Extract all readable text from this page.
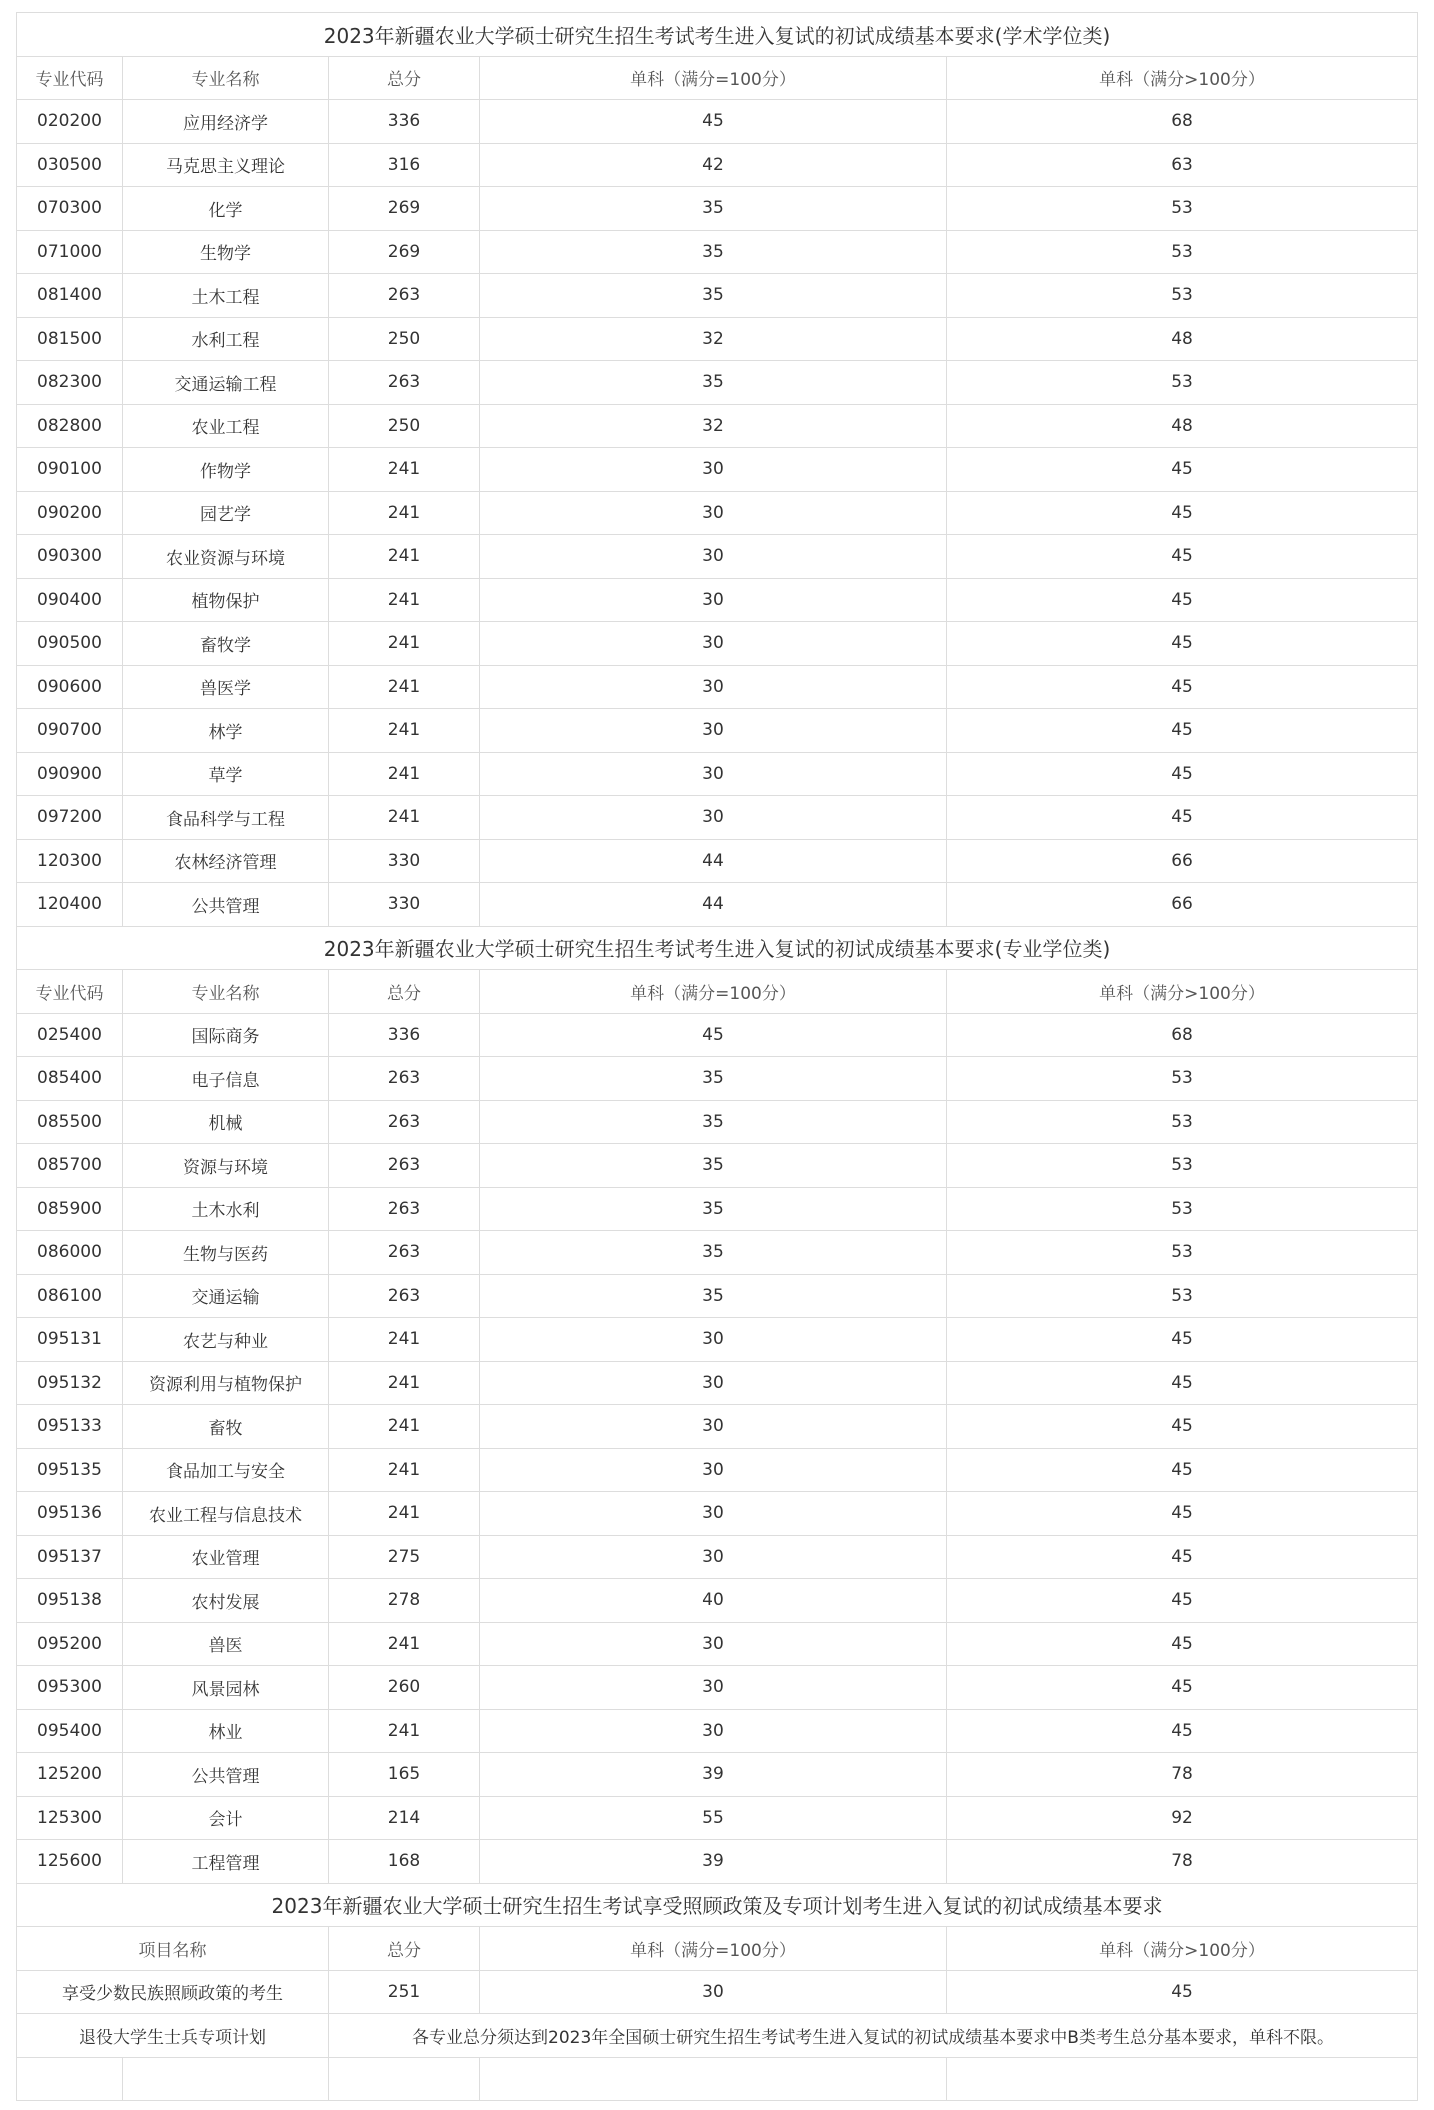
2023年新疆农业大学硕士研究生招生考试考生进入复试的初试成绩基本要求(学术学位类)				
专业代码	专业名称	总分	单科（满分=100分）	单科（满分>100分）
020200	应用经济学	336	45	68
030500	马克思主义理论	316	42	63
070300	化学	269	35	53
071000	生物学	269	35	53
081400	土木工程	263	35	53
081500	水利工程	250	32	48
082300	交通运输工程	263	35	53
082800	农业工程	250	32	48
090100	作物学	241	30	45
090200	园艺学	241	30	45
090300	农业资源与环境	241	30	45
090400	植物保护	241	30	45
090500	畜牧学	241	30	45
090600	兽医学	241	30	45
090700	林学	241	30	45
090900	草学	241	30	45
097200	食品科学与工程	241	30	45
120300	农林经济管理	330	44	66
120400	公共管理	330	44	66
2023年新疆农业大学硕士研究生招生考试考生进入复试的初试成绩基本要求(专业学位类)				
专业代码	专业名称	总分	单科（满分=100分）	单科（满分>100分）
025400	国际商务	336	45	68
085400	电子信息	263	35	53
085500	机械	263	35	53
085700	资源与环境	263	35	53
085900	土木水利	263	35	53
086000	生物与医药	263	35	53
086100	交通运输	263	35	53
095131	农艺与种业	241	30	45
095132	资源利用与植物保护	241	30	45
095133	畜牧	241	30	45
095135	食品加工与安全	241	30	45
095136	农业工程与信息技术	241	30	45
095137	农业管理	275	30	45
095138	农村发展	278	40	45
095200	兽医	241	30	45
095300	风景园林	260	30	45
095400	林业	241	30	45
125200	公共管理	165	39	78
125300	会计	214	55	92
125600	工程管理	168	39	78
2023年新疆农业大学硕士研究生招生考试享受照顾政策及专项计划考生进入复试的初试成绩基本要求				
项目名称		总分	单科（满分=100分）	单科（满分>100分）
享受少数民族照顾政策的考生		251	30	45
退役大学生士兵专项计划		各专业总分须达到2023年全国硕士研究生招生考试考生进入复试的初试成绩基本要求中B类考生总分基本要求，单科不限。		
